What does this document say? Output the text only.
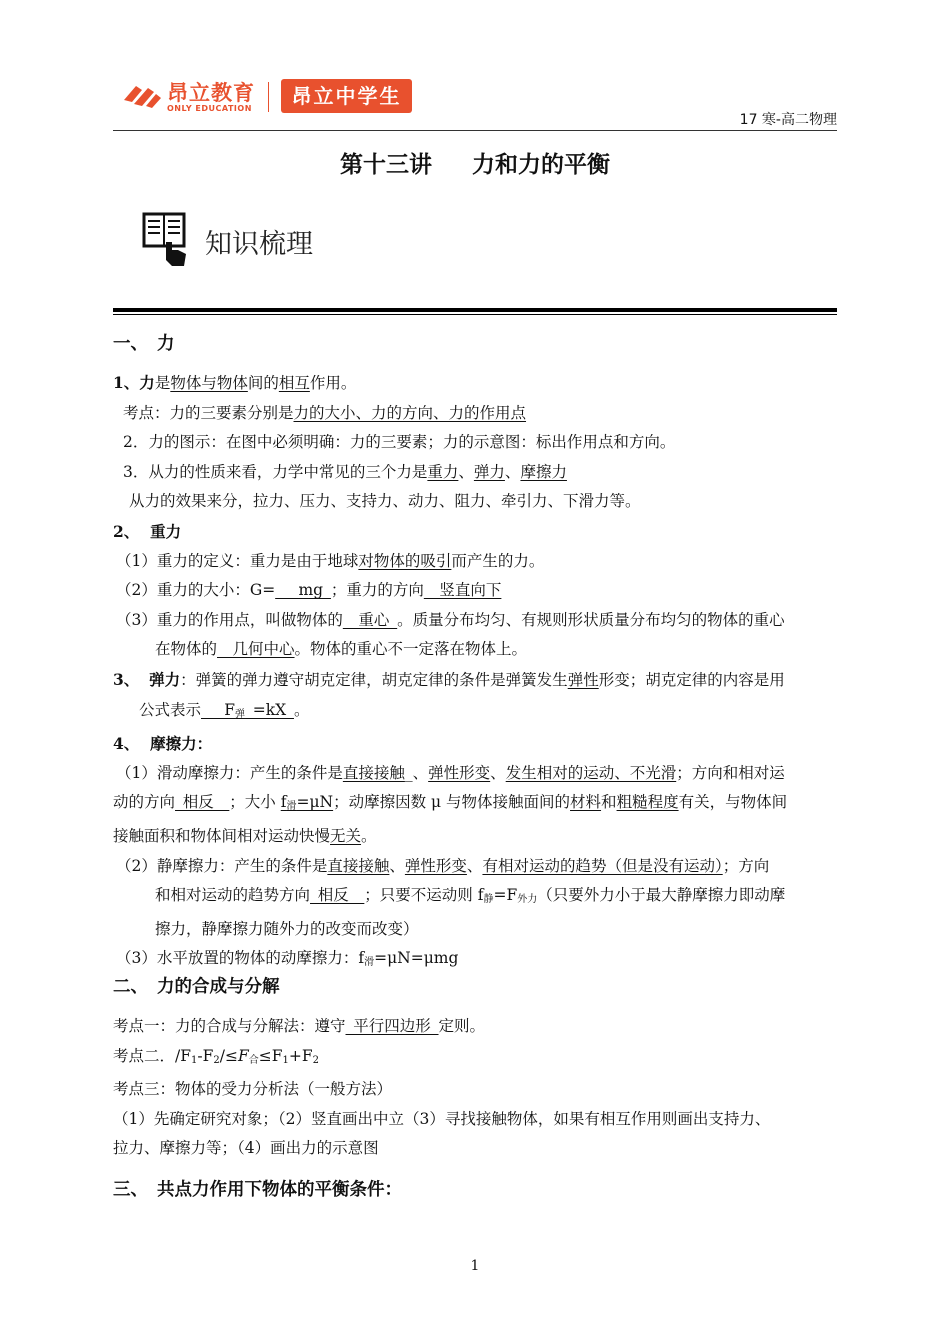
昂立教育
ONLY EDUCATION
昂立中学生
17 寒-高二物理
第十三讲     力和力的平衡
知识梳理
一、 力
1、力是物体与物体间的相互作用。
考点：力的三要素分别是力的大小、力的方向、力的作用点
2．力的图示：在图中必须明确：力的三要素；力的示意图：标出作用点和方向。
3．从力的性质来看，力学中常见的三个力是重力、弹力、摩擦力
从力的效果来分，拉力、压力、支持力、动力、阻力、牵引力、下滑力等。
2、 重力
（1）重力的定义：重力是由于地球对物体的吸引而产生的力。
（2）重力的大小：G=___mg_；重力的方向__竖直向下
（3）重力的作用点，叫做物体的__重心_。质量分布均匀、有规则形状质量分布均匀的物体的重心
在物体的__几何中心。物体的重心不一定落在物体上。
3、 弹力：弹簧的弹力遵守胡克定律，胡克定律的条件是弹簧发生弹性形变；胡克定律的内容是用
公式表示$\_\_\_F_弹\_=kX\_$。
4、 摩擦力：
（1）滑动摩擦力：产生的条件是直接接触_、弹性形变、发生相对的运动、不光滑；方向和相对运
动的方向_相反__；大小 $f_滑=\mu N$；动摩擦因数 μ 与物体接触面间的材料和粗糙程度有关，与物体间
接触面积和物体间相对运动快慢无关。
（2）静摩擦力：产生的条件是直接接触、弹性形变、有相对运动的趋势（但是没有运动）；方向
和相对运动的趋势方向_相反__；只要不运动则 $f_静=F_{外力}$（只要外力小于最大静摩擦力即动摩
擦力，静摩擦力随外力的改变而改变）
（3）水平放置的物体的动摩擦力：$f_滑=\mu N=\mu mg$
二、 力的合成与分解
考点一：力的合成与分解法：遵守_平行四边形_定则。
考点二．$/F_1-F_2/\le F_合\le F_1+F_2$
考点三：物体的受力分析法（一般方法）
（1）先确定研究对象；（2）竖直画出中立（3）寻找接触物体，如果有相互作用则画出支持力、
拉力、摩擦力等；（4）画出力的示意图
三、 共点力作用下物体的平衡条件：
1
